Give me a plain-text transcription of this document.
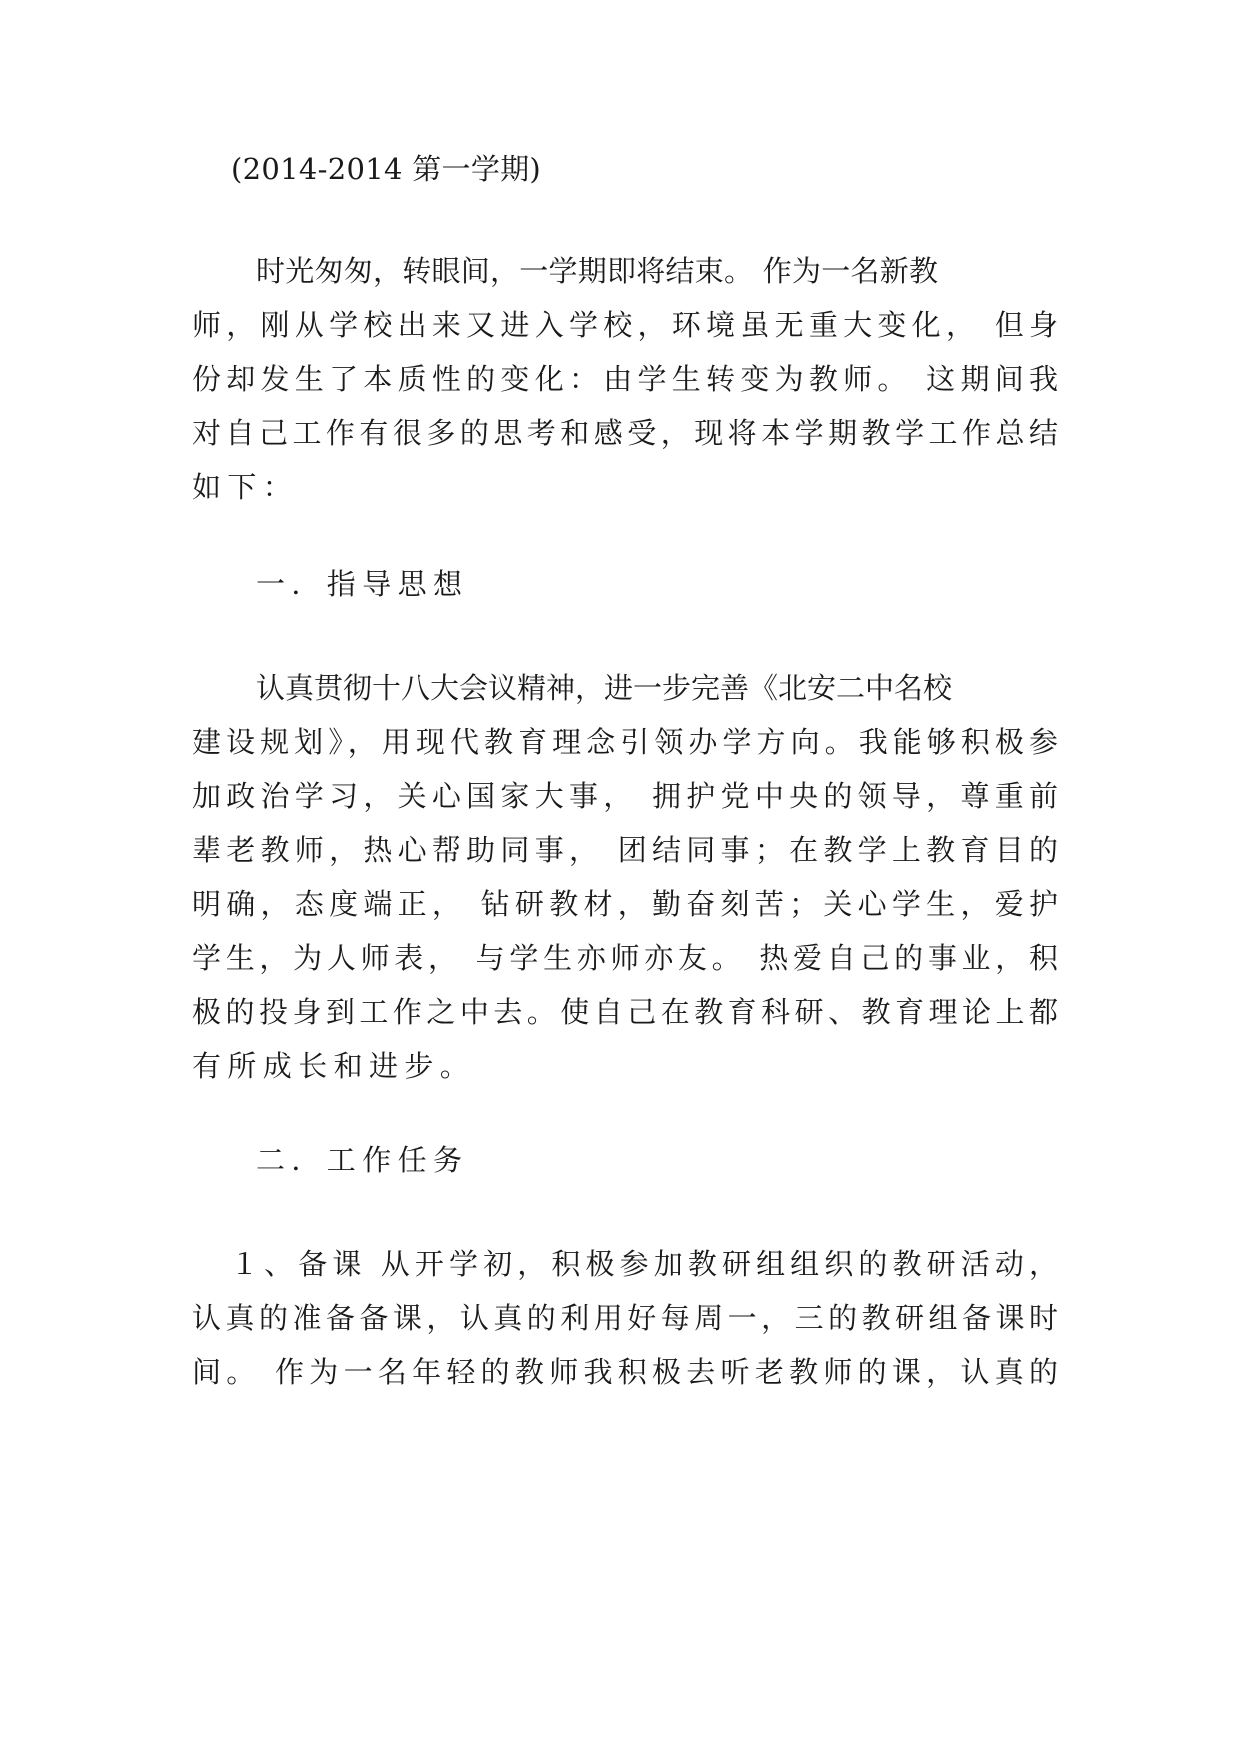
(2014-2014 第一学期)
时光匆匆，转眼间，一学期即将结束。 作为一名新教
师，刚从学校出来又进入学校，环境虽无重大变化， 但身
份却发生了本质性的变化：由学生转变为教师。 这期间我
对自己工作有很多的思考和感受，现将本学期教学工作总结
如下：
一．指导思想
认真贯彻十八大会议精神，进一步完善《北安二中名校
建设规划》，用现代教育理念引领办学方向。我能够积极参
加政治学习，关心国家大事， 拥护党中央的领导，尊重前
辈老教师，热心帮助同事， 团结同事；在教学上教育目的
明确，态度端正， 钻研教材，勤奋刻苦；关心学生，爱护
学生，为人师表， 与学生亦师亦友。 热爱自己的事业，积
极的投身到工作之中去。使自己在教育科研、教育理论上都
有所成长和进步。
二．工作任务
１、备课 从开学初，积极参加教研组组织的教研活动，
认真的准备备课，认真的利用好每周一，三的教研组备课时
间。 作为一名年轻的教师我积极去听老教师的课，认真的
